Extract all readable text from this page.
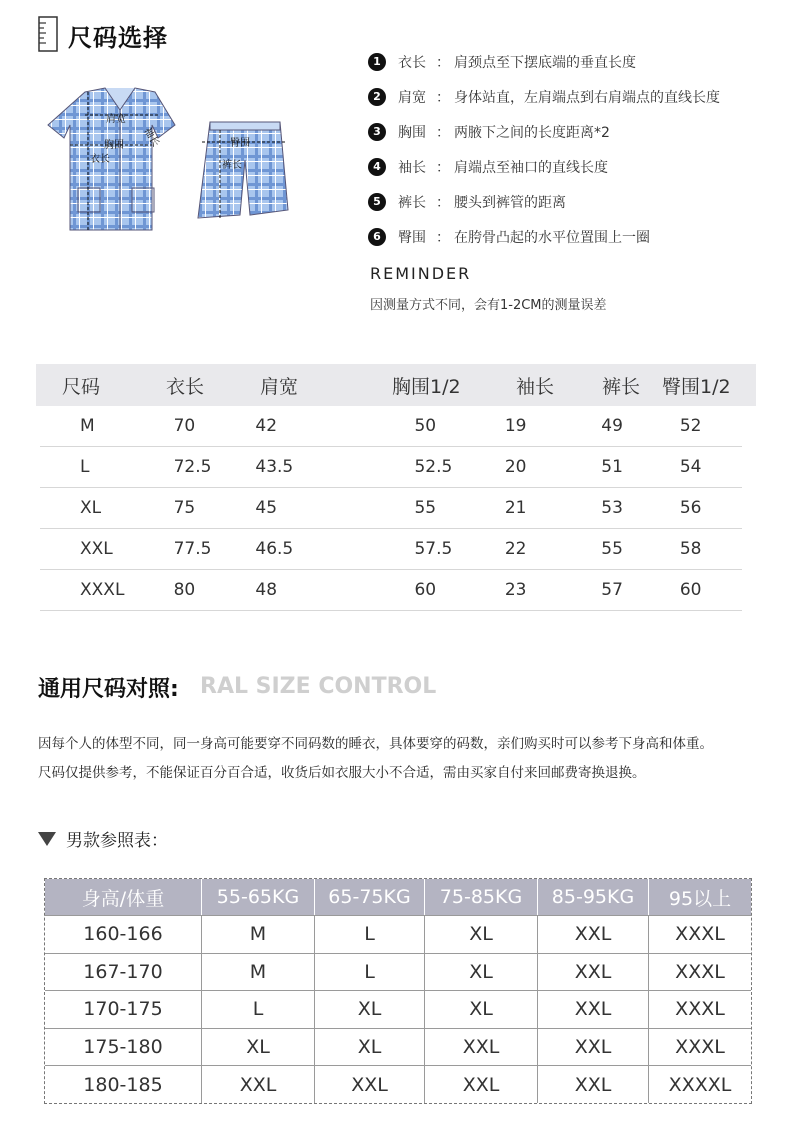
尺码选择
肩宽
胸围
衣长
袖长	臀围
裤长
1	衣长 ： 肩颈点至下摆底端的垂直长度
2	肩宽 ： 身体站直，左肩端点到右肩端点的直线长度
3	胸围 ： 两腋下之间的长度距离*2
4	袖长 ： 肩端点至袖口的直线长度
5	裤长 ： 腰头到裤管的距离
6	臀围 ： 在胯骨凸起的水平位置围上一圈
REMINDER
因测量方式不同，会有1-2CM的测量误差
尺码	衣长	肩宽	胸围1/2	袖长	裤长	臀围1/2
M	70	42	50	19	49	52
L	72.5	43.5	52.5	20	51	54
XL	75	45	55	21	53	56
XXL	77.5	46.5	57.5	22	55	58
XXXL	80	48	60	23	57	60
通用尺码对照: RAL SIZE CONTROL
因每个人的体型不同，同一身高可能要穿不同码数的睡衣，具体要穿的码数，亲们购买时可以参考下身高和体重。
尺码仅提供参考，不能保证百分百合适，收货后如衣服大小不合适，需由买家自付来回邮费寄换退换。
男款参照表：
身高/体重	55-65KG	65-75KG	75-85KG	85-95KG	95以上
160-166	M	L	XL	XXL	XXXL
167-170	M	L	XL	XXL	XXXL
170-175	L	XL	XL	XXL	XXXL
175-180	XL	XL	XXL	XXL	XXXL
180-185	XXL	XXL	XXL	XXL	XXXXL
